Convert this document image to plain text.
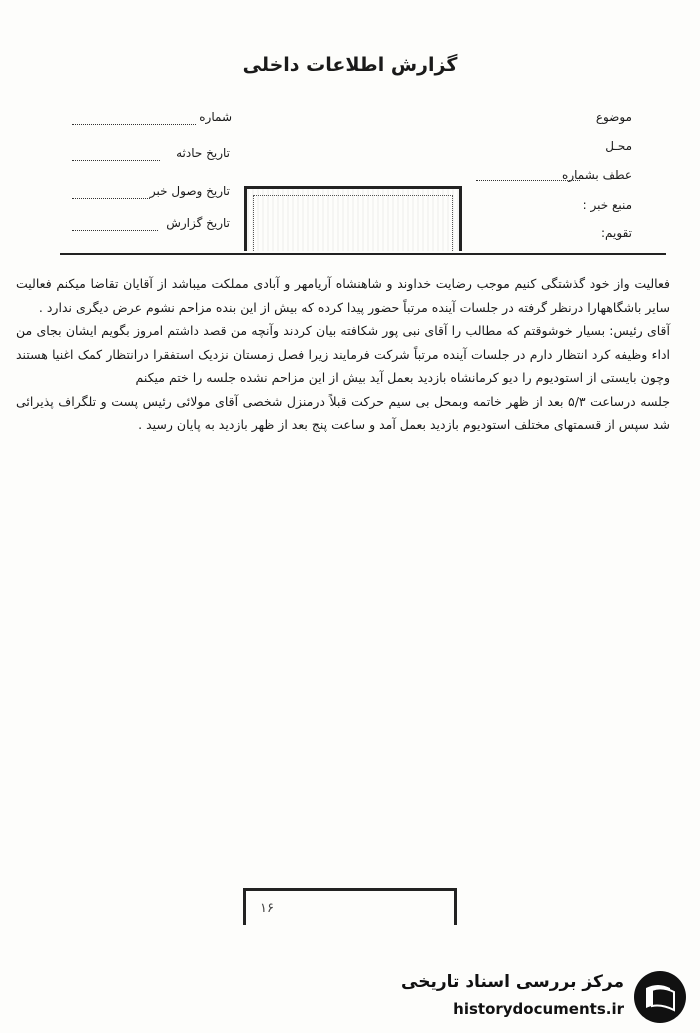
گزارش اطلاعات داخلی
موضوع
محـل
عطف بشماره
منبع خبر :
تقویم:
شماره
تاریخ حادثه
تاریخ وصول خبر
تاریخ گزارش

فعالیت واز خود گذشتگی کنیم موجب رضایت خداوند و شاهنشاه آریامهر و آبادی مملکت میباشد از آقایان تقاضا میکنم فعالیت سایر باشگاههارا درنظر گرفته در جلسات آینده مرتباً حضور پیدا کرده که بیش از این بنده مزاحم نشوم عرض دیگری ندارد .

آقای رئیس: بسیار خوشوقتم که مطالب را آقای نبی پور شکافته بیان کردند وآنچه من قصد داشتم امروز بگویم ایشان بجای من اداء وظیفه کرد انتظار دارم در جلسات آینده مرتباً شرکت فرمایند زیرا فصل زمستان نزدیک استفقرا درانتظار کمک اغنیا هستند وچون بایستی از استودیوم را دیو کرمانشاه بازدید بعمل آید بیش از این مزاحم نشده جلسه را ختم میکنم

جلسه درساعت ۵/۳ بعد از ظهر خاتمه وبمحل بی سیم حرکت قبلاً درمنزل شخصی آقای مولائی رئیس پست و تلگراف پذیرائی شد سپس از قسمتهای مختلف استودیوم بازدید بعمل آمد و ساعت پنج بعد از ظهر بازدید به پایان رسید .

۱۶
مرکز بررسی اسناد تاریخی
historydocuments.ir
